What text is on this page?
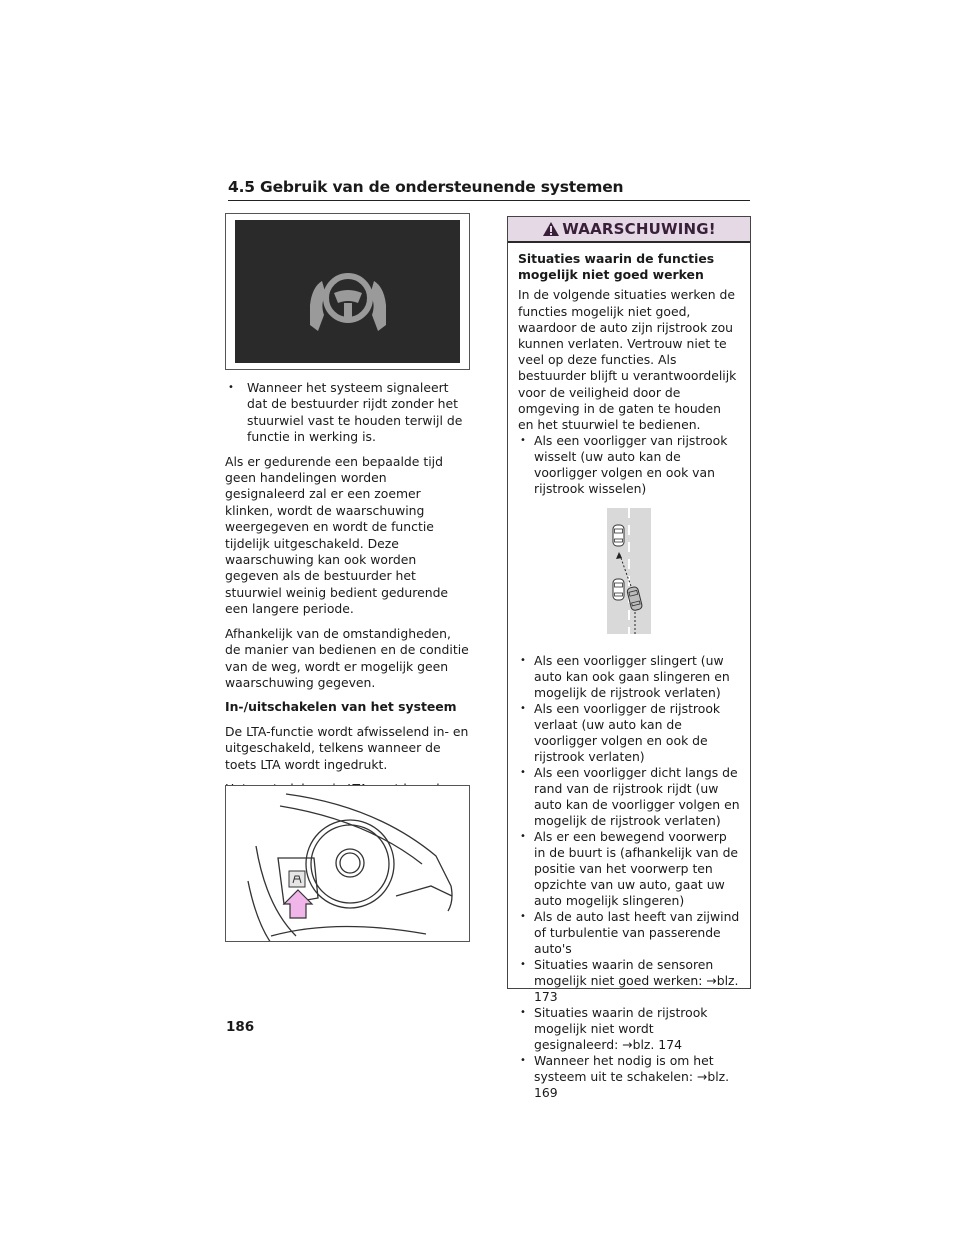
4.5 Gebruik van de ondersteunende systemen
• Wanneer het systeem signaleert dat de bestuurder rijdt zonder het stuurwiel vast te houden terwijl de functie in werking is.

Als er gedurende een bepaalde tijd geen handelingen worden gesignaleerd zal er een zoemer klinken, wordt de waarschuwing weergegeven en wordt de functie tijdelijk uitgeschakeld. Deze waarschuwing kan ook worden gegeven als de bestuurder het stuurwiel weinig bedient gedurende een langere periode.

Afhankelijk van de omstandigheden, de manier van bedienen en de conditie van de weg, wordt er mogelijk geen waarschuwing gegeven.

In-/uitschakelen van het systeem

De LTA-functie wordt afwisselend in- en uitgeschakeld, telkens wanneer de toets LTA wordt ingedrukt.

WAARSCHUWING!

Situaties waarin de functies mogelijk niet goed werken

In de volgende situaties werken de functies mogelijk niet goed, waardoor de auto zijn rijstrook zou kunnen verlaten. Vertrouw niet te veel op deze functies. Als bestuurder blijft u verantwoordelijk voor de veiligheid door de omgeving in de gaten te houden en het stuurwiel te bedienen.

• Als een voorligger van rijstrook wisselt (uw auto kan de voorligger volgen en ook van rijstrook wisselen)
• Als een voorligger slingert (uw auto kan ook gaan slingeren en mogelijk de rijstrook verlaten)
• Als een voorligger de rijstrook verlaat (uw auto kan de voorligger volgen en ook de rijstrook verlaten)
• Als een voorligger dicht langs de rand van de rijstrook rijdt (uw auto kan de voorligger volgen en mogelijk de rijstrook verlaten)
• Als er een bewegend voorwerp in de buurt is (afhankelijk van de positie van het voorwerp ten opzichte van uw auto, gaat uw auto mogelijk slingeren)
• Als de auto last heeft van zijwind of turbulentie van passerende auto's
• Situaties waarin de sensoren mogelijk niet goed werken: →blz. 173
• Situaties waarin de rijstrook mogelijk niet wordt gesignaleerd: →blz. 174
• Wanneer het nodig is om het systeem uit te schakelen: →blz. 169
186
